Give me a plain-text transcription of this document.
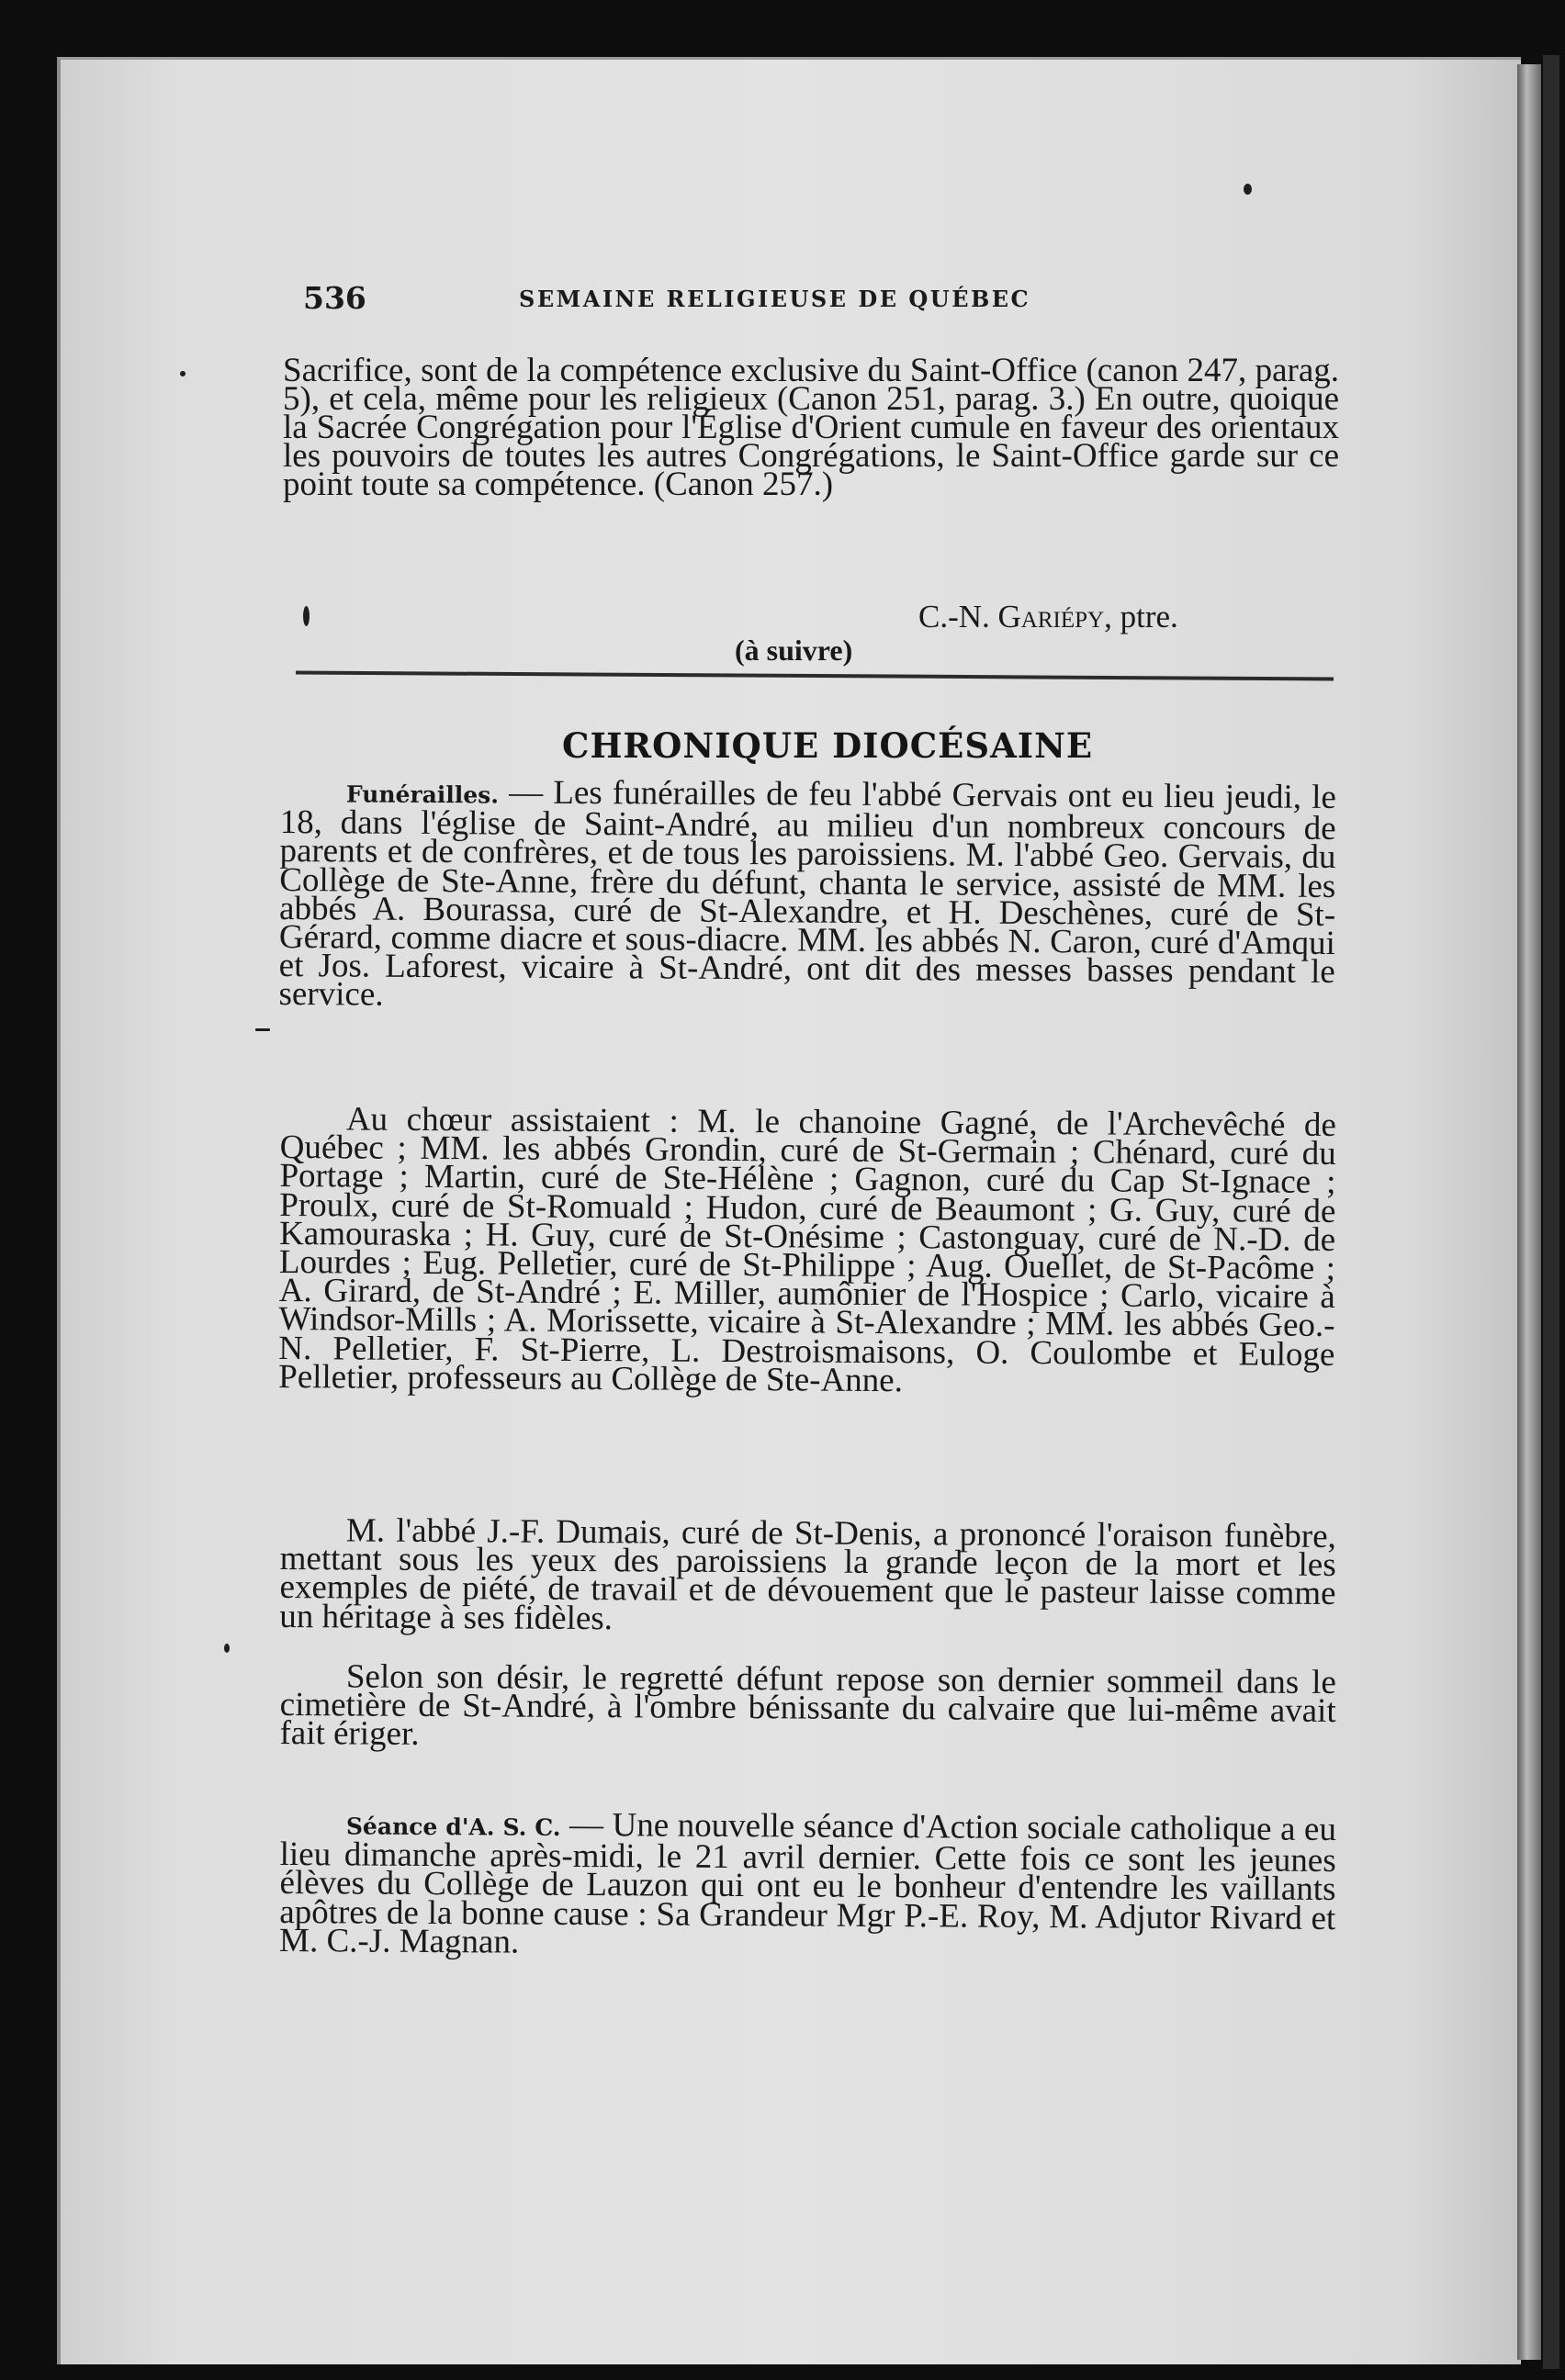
536	SEMAINE RELIGIEUSE DE QUÉBEC

Sacrifice, sont de la compétence exclusive du Saint-Office (canon 247, parag. 5), et cela, même pour les religieux (Canon 251, parag. 3.) En outre, quoique la Sacrée Congrégation pour l'Église d'Orient cumule en faveur des orientaux les pouvoirs de toutes les autres Congrégations, le Saint-Office garde sur ce point toute sa compétence. (Canon 257.)

C.-N. Gariépy, ptre.
(à suivre)
CHRONIQUE DIOCÉSAINE

Funérailles. — Les funérailles de feu l'abbé Gervais ont eu lieu jeudi, le 18, dans l'église de Saint-André, au milieu d'un nombreux concours de parents et de confrères, et de tous les paroissiens. M. l'abbé Geo. Gervais, du Collège de Ste-Anne, frère du défunt, chanta le service, assisté de MM. les abbés A. Bourassa, curé de St-Alexandre, et H. Deschènes, curé de St-Gérard, comme diacre et sous-diacre. MM. les abbés N. Caron, curé d'Amqui et Jos. Laforest, vicaire à St-André, ont dit des messes basses pendant le service.

Au chœur assistaient : M. le chanoine Gagné, de l'Archevêché de Québec ; MM. les abbés Grondin, curé de St-Germain ; Chénard, curé du Portage ; Martin, curé de Ste-Hélène ; Gagnon, curé du Cap St-Ignace ; Proulx, curé de St-Romuald ; Hudon, curé de Beaumont ; G. Guy, curé de Kamouraska ; H. Guy, curé de St-Onésime ; Castonguay, curé de N.-D. de Lourdes ; Eug. Pelletier, curé de St-Philippe ; Aug. Ouellet, de St-Pacôme ; A. Girard, de St-André ; E. Miller, aumônier de l'Hospice ; Carlo, vicaire à Windsor-Mills ; A. Morissette, vicaire à St-Alexandre ; MM. les abbés Geo.-N. Pelletier, F. St-Pierre, L. Destroismaisons, O. Coulombe et Euloge Pelletier, professeurs au Collège de Ste-Anne.

M. l'abbé J.-F. Dumais, curé de St-Denis, a prononcé l'oraison funèbre, mettant sous les yeux des paroissiens la grande leçon de la mort et les exemples de piété, de travail et de dévouement que le pasteur laisse comme un héritage à ses fidèles.

Selon son désir, le regretté défunt repose son dernier sommeil dans le cimetière de St-André, à l'ombre bénissante du calvaire que lui-même avait fait ériger.

Séance d'A. S. C. — Une nouvelle séance d'Action sociale catholique a eu lieu dimanche après-midi, le 21 avril dernier. Cette fois ce sont les jeunes élèves du Collège de Lauzon qui ont eu le bonheur d'entendre les vaillants apôtres de la bonne cause : Sa Grandeur Mgr P.-E. Roy, M. Adjutor Rivard et M. C.-J. Magnan.
